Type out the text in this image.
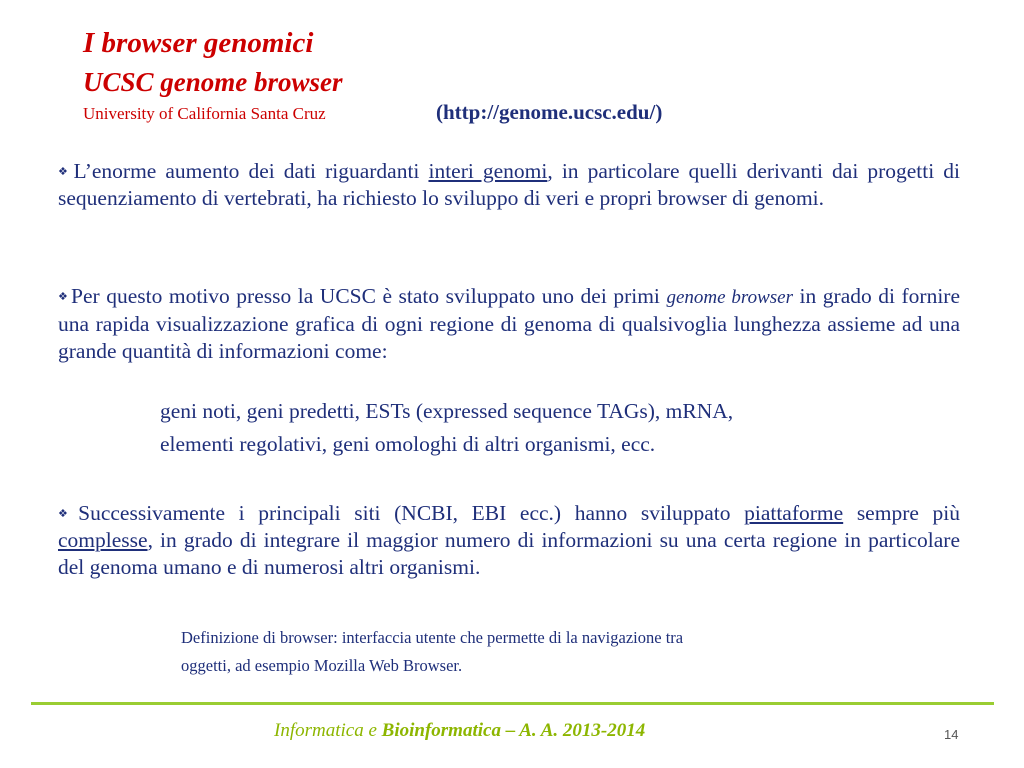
I browser genomici
UCSC genome browser
University of California Santa Cruz	(http://genome.ucsc.edu/)
❖L’enorme aumento dei dati riguardanti interi genomi, in particolare quelli derivanti dai progetti di sequenziamento di vertebrati, ha richiesto lo sviluppo di veri e propri browser di genomi.
❖Per questo motivo presso la UCSC è stato sviluppato uno dei primi genome browser in grado di fornire una rapida visualizzazione grafica di ogni regione di genoma di qualsivoglia lunghezza assieme ad una grande quantità di informazioni come:
geni noti, geni predetti, ESTs (expressed sequence TAGs), mRNA,
elementi regolativi, geni omologhi di altri organismi, ecc.
❖Successivamente i principali siti (NCBI, EBI ecc.) hanno sviluppato piattaforme sempre più complesse, in grado di integrare il maggior numero di informazioni su una certa regione in particolare del genoma umano e di numerosi altri organismi.
Definizione di browser: interfaccia utente che permette di la navigazione tra
oggetti, ad esempio Mozilla Web Browser.
Informatica e Bioinformatica – A. A. 2013-2014	14
